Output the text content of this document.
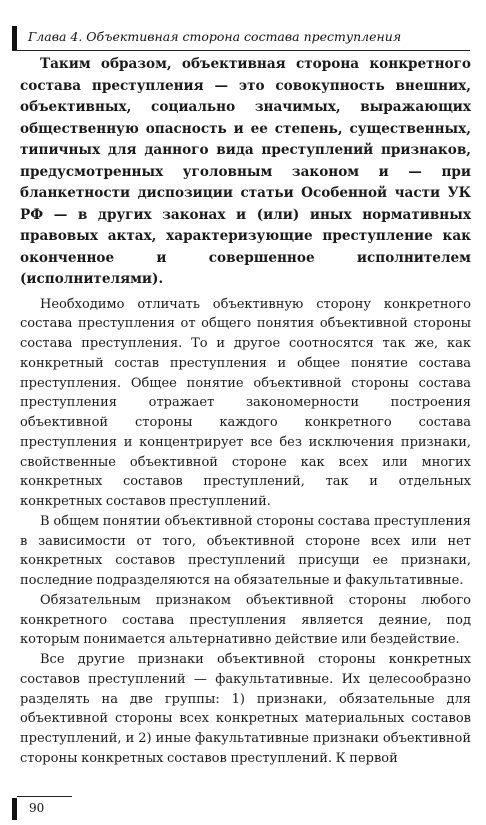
Глава 4. Объективная сторона состава преступления

Таким образом, объективная сторона конкретного состава преступления — это совокупность внешних, объективных, социально значимых, выражающих общественную опасность и ее степень, существенных, типичных для данного вида преступлений признаков, предусмотренных уголовным законом и — при бланкетности диспозиции статьи Особенной части УК РФ — в других законах и (или) иных нормативных правовых актах, характеризующие преступление как оконченное и совершенное исполнителем (исполнителями).

Необходимо отличать объективную сторону конкретного состава преступления от общего понятия объективной стороны состава преступления. То и другое соотносятся так же, как конкретный состав преступления и общее понятие состава преступления. Общее понятие объективной стороны состава преступления отражает закономерности построения объективной стороны каждого конкретного состава преступления и концентрирует все без исключения признаки, свойственные объективной стороне как всех или многих конкретных составов преступлений, так и отдельных конкретных составов преступлений.

В общем понятии объективной стороны состава преступления в зависимости от того, объективной стороне всех или нет конкретных составов преступлений присущи ее признаки, последние подразделяются на обязательные и факультативные.

Обязательным признаком объективной стороны любого конкретного состава преступления является деяние, под которым понимается альтернативно действие или бездействие.

Все другие признаки объективной стороны конкретных составов преступлений — факультативные. Их целесообразно разделять на две группы: 1) признаки, обязательные для объективной стороны всех конкретных материальных составов преступлений, и 2) иные факультативные признаки объективной стороны конкретных составов преступлений. К первой

90
